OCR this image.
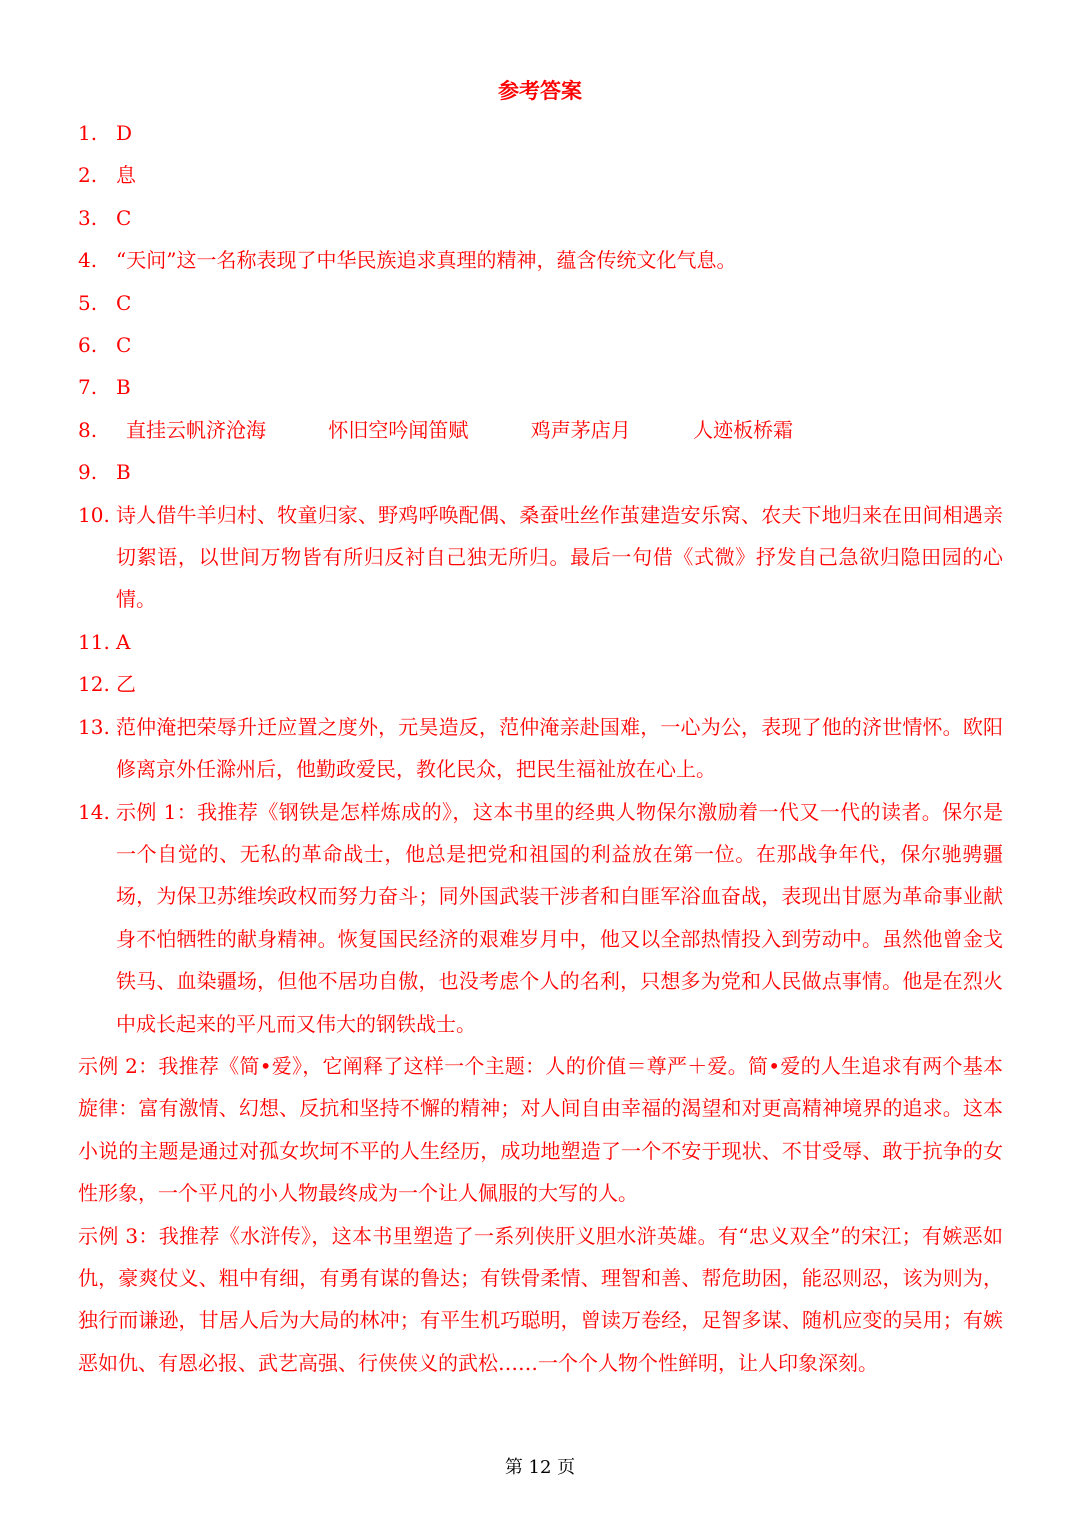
参考答案
1. D
2. 息
3. C
4. “天问”这一名称表现了中华民族追求真理的精神，蕴含传统文化气息。
5. C
6. C
7. B
8.	直挂云帆济沧海	怀旧空吟闻笛赋	鸡声茅店月	人迹板桥霜
9. B
10. 诗人借牛羊归村、牧童归家、野鸡呼唤配偶、桑蚕吐丝作茧建造安乐窝、农夫下地归来在田间相遇亲切絮语，以世间万物皆有所归反衬自己独无所归。最后一句借《式微》抒发自己急欲归隐田园的心情。
11. A
12. 乙
13. 范仲淹把荣辱升迁应置之度外，元昊造反，范仲淹亲赴国难，一心为公，表现了他的济世情怀。欧阳修离京外任滁州后，他勤政爱民，教化民众，把民生福祉放在心上。
14. 示例 1：我推荐《钢铁是怎样炼成的》，这本书里的经典人物保尔激励着一代又一代的读者。保尔是一个自觉的、无私的革命战士，他总是把党和祖国的利益放在第一位。在那战争年代，保尔驰骋疆场，为保卫苏维埃政权而努力奋斗；同外国武装干涉者和白匪军浴血奋战，表现出甘愿为革命事业献身不怕牺牲的献身精神。恢复国民经济的艰难岁月中，他又以全部热情投入到劳动中。虽然他曾金戈铁马、血染疆场，但他不居功自傲，也没考虑个人的名利，只想多为党和人民做点事情。他是在烈火中成长起来的平凡而又伟大的钢铁战士。
示例 2：我推荐《简•爱》，它阐释了这样一个主题：人的价值＝尊严＋爱。简•爱的人生追求有两个基本旋律：富有激情、幻想、反抗和坚持不懈的精神；对人间自由幸福的渴望和对更高精神境界的追求。这本小说的主题是通过对孤女坎坷不平的人生经历，成功地塑造了一个不安于现状、不甘受辱、敢于抗争的女性形象，一个平凡的小人物最终成为一个让人佩服的大写的人。
示例 3：我推荐《水浒传》，这本书里塑造了一系列侠肝义胆水浒英雄。有“忠义双全”的宋江；有嫉恶如仇，豪爽仗义、粗中有细，有勇有谋的鲁达；有铁骨柔情、理智和善、帮危助困，能忍则忍，该为则为，独行而谦逊，甘居人后为大局的林冲；有平生机巧聪明，曾读万卷经，足智多谋、随机应变的吴用；有嫉恶如仇、有恩必报、武艺高强、行侠侠义的武松……一个个人物个性鲜明，让人印象深刻。
第 12 页
